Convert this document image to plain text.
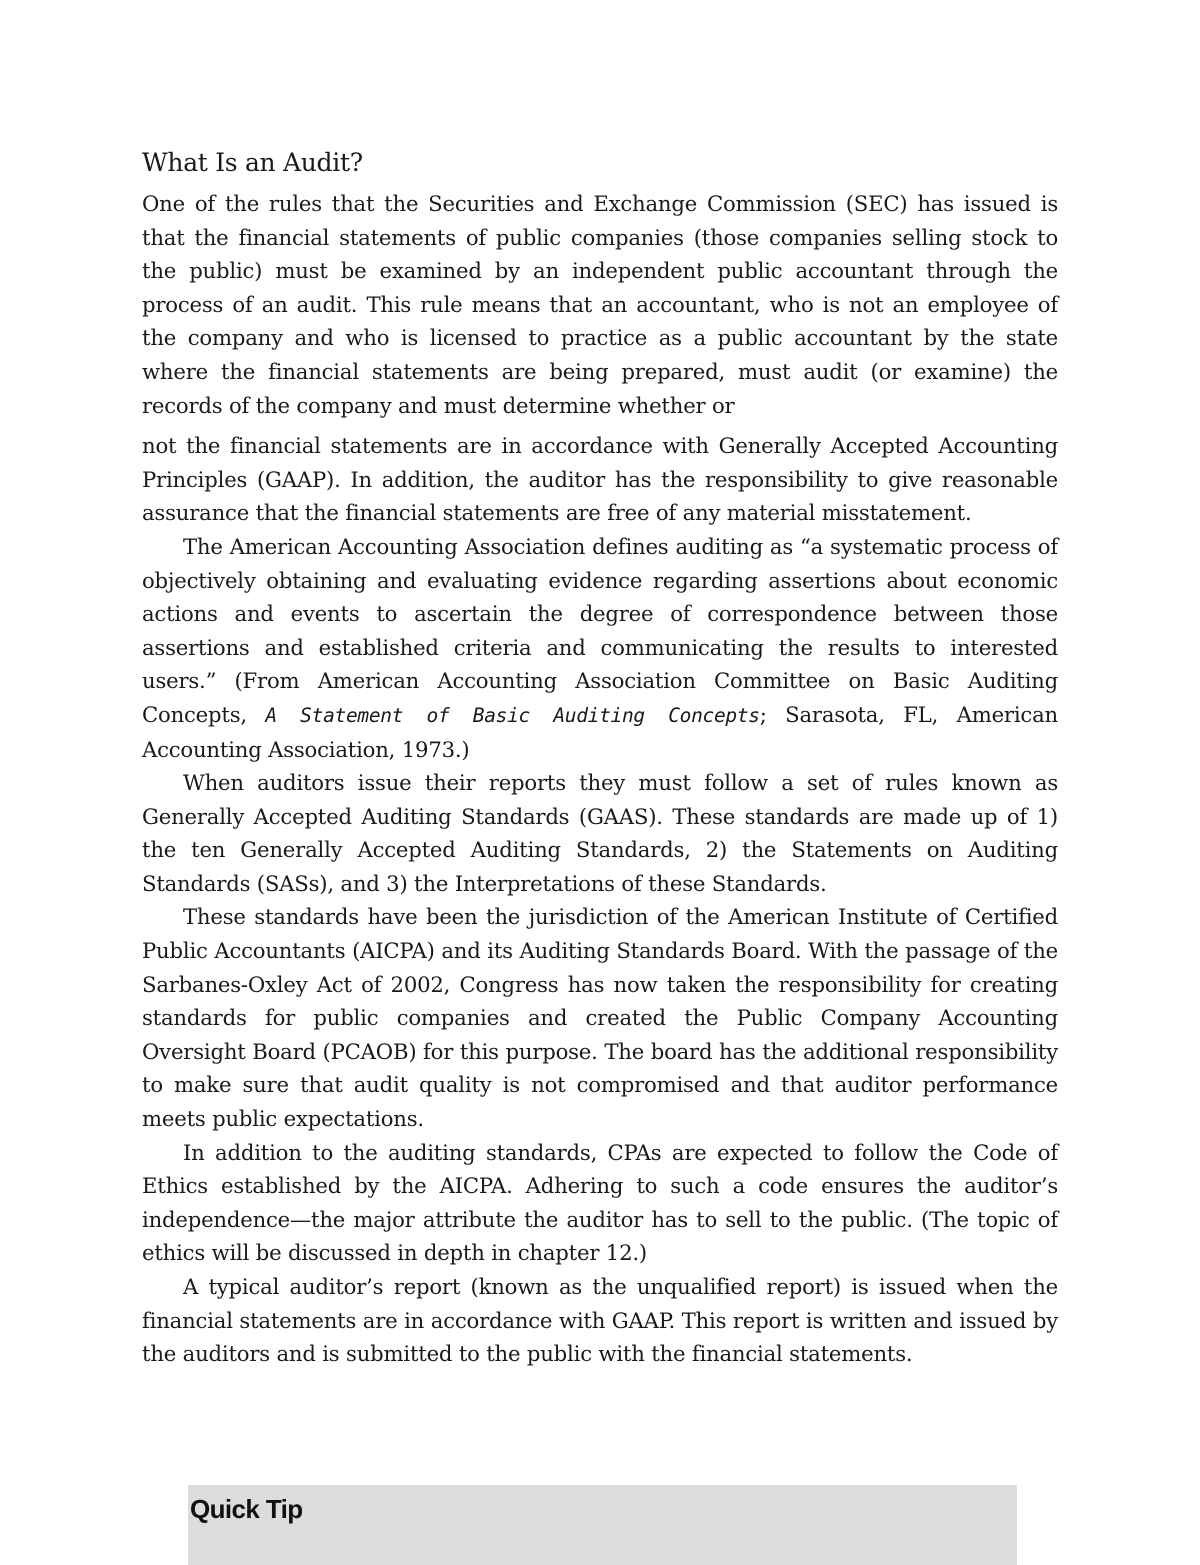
What Is an Audit?

One of the rules that the Securities and Exchange Commission (SEC) has issued is that the financial statements of public companies (those companies selling stock to the public) must be examined by an independent public accountant through the process of an audit. This rule means that an accountant, who is not an employee of the company and who is licensed to practice as a public accountant by the state where the financial statements are being prepared, must audit (or examine) the records of the company and must determine whether or

not the financial statements are in accordance with Generally Accepted Accounting Principles (GAAP). In addition, the auditor has the responsibility to give reasonable assurance that the financial statements are free of any material misstatement.

The American Accounting Association defines auditing as “a systematic process of objectively obtaining and evaluating evidence regarding assertions about economic actions and events to ascertain the degree of correspondence between those assertions and established criteria and communicating the results to interested users.” (From American Accounting Association Committee on Basic Auditing Concepts, A Statement of Basic Auditing Concepts; Sarasota, FL, American Accounting Association, 1973.)

When auditors issue their reports they must follow a set of rules known as Generally Accepted Auditing Standards (GAAS). These standards are made up of 1) the ten Generally Accepted Auditing Standards, 2) the Statements on Auditing Standards (SASs), and 3) the Interpretations of these Standards.

These standards have been the jurisdiction of the American Institute of Certified Public Accountants (AICPA) and its Auditing Standards Board. With the passage of the Sarbanes-Oxley Act of 2002, Congress has now taken the responsibility for creating standards for public companies and created the Public Company Accounting Oversight Board (PCAOB) for this purpose. The board has the additional responsibility to make sure that audit quality is not compromised and that auditor performance meets public expectations.

In addition to the auditing standards, CPAs are expected to follow the Code of Ethics established by the AICPA. Adhering to such a code ensures the auditor’s independence—the major attribute the auditor has to sell to the public. (The topic of ethics will be discussed in depth in chapter 12.)

A typical auditor’s report (known as the unqualified report) is issued when the financial statements are in accordance with GAAP. This report is written and issued by the auditors and is submitted to the public with the financial statements.

Quick Tip
